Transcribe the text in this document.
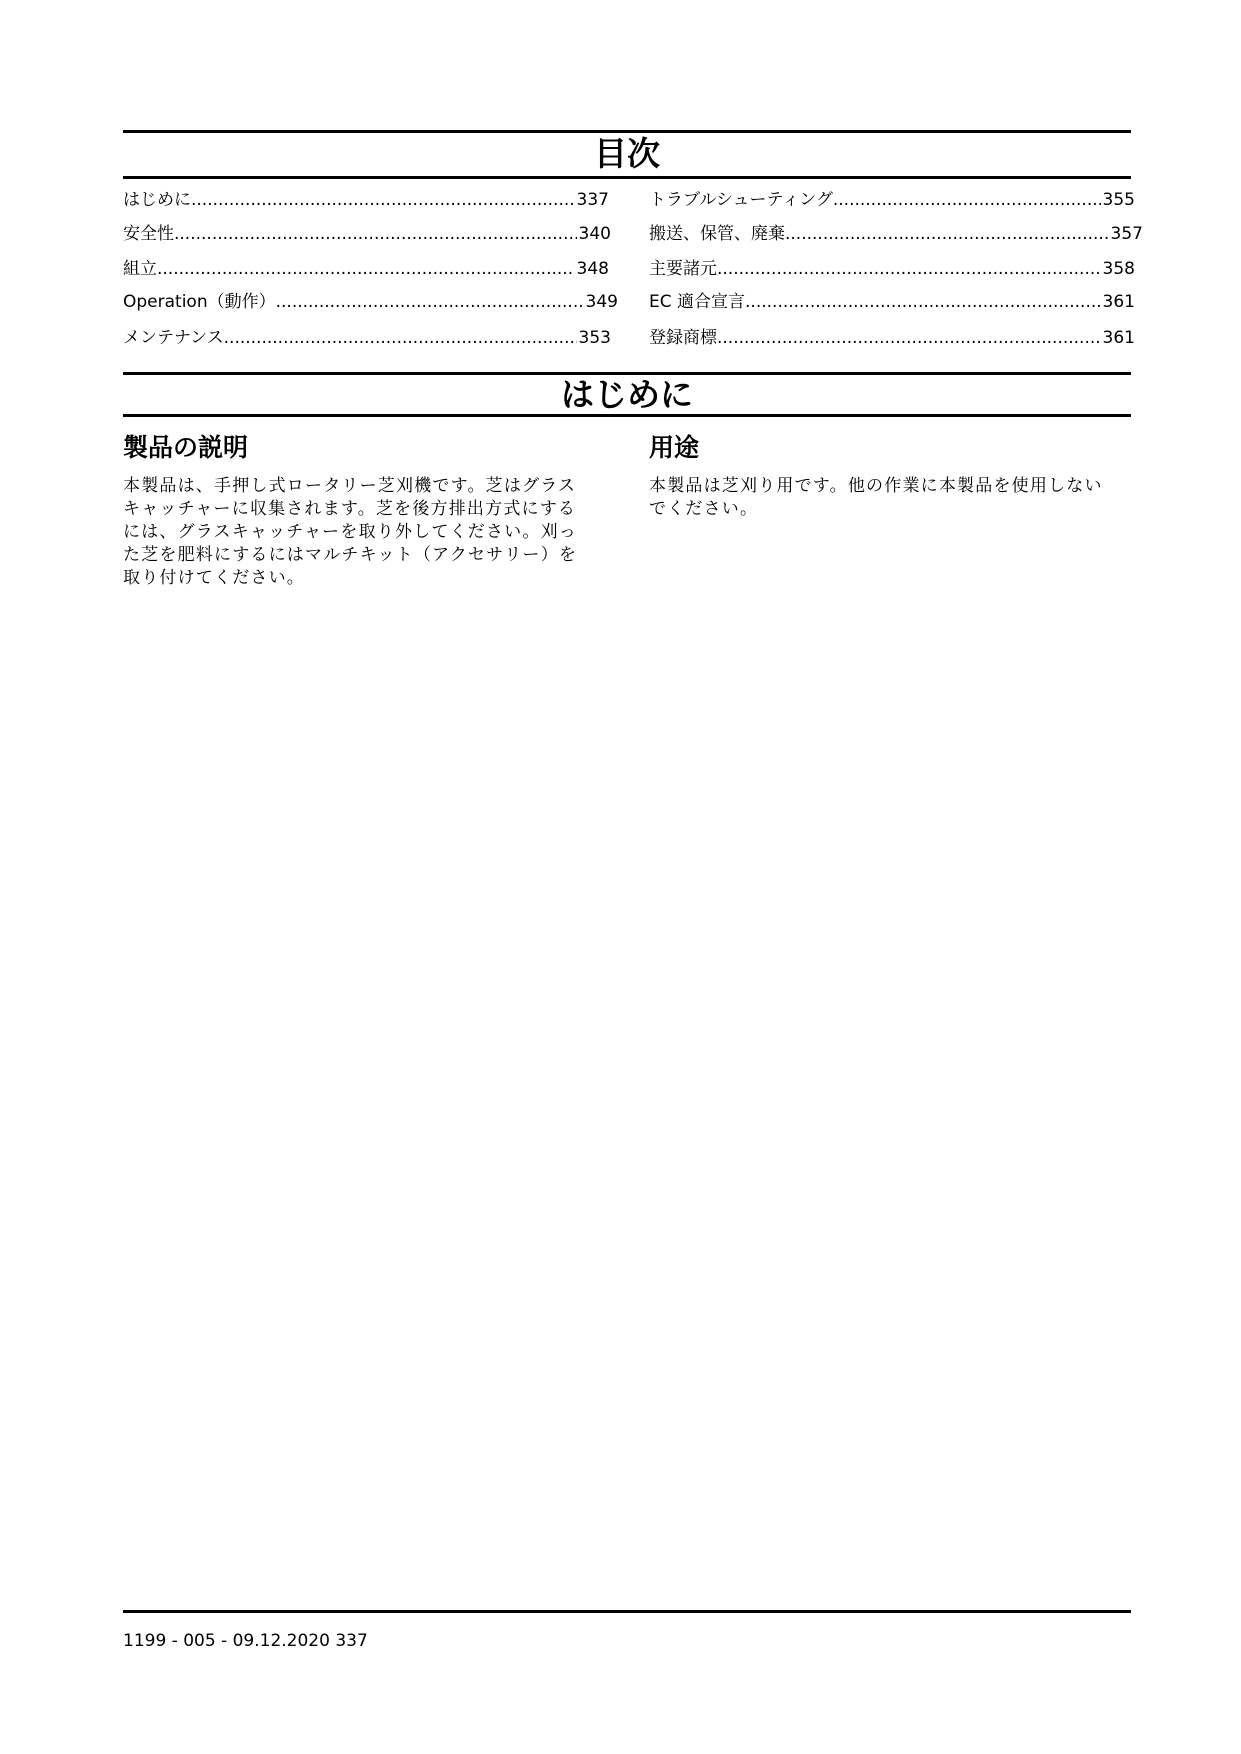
目次
はじめに .....	337
安全性 .....	340
組立 .....	348
Operation（動作） .....	349
メンテナンス .....	353
トラブルシューティング .....	355
搬送、保管、廃棄 .....	357
主要諸元 .....	358
EC 適合宣言 .....	361
登録商標 .....	361
はじめに
製品の説明
本製品は、手押し式ロータリー芝刈機です。芝はグラス
キャッチャーに収集されます。芝を後方排出方式にする
には、グラスキャッチャーを取り外してください。刈っ
た芝を肥料にするにはマルチキット（アクセサリー）を
取り付けてください。
用途
本製品は芝刈り用です。他の作業に本製品を使用しない
でください。
1199 - 005 - 09.12.2020 337
